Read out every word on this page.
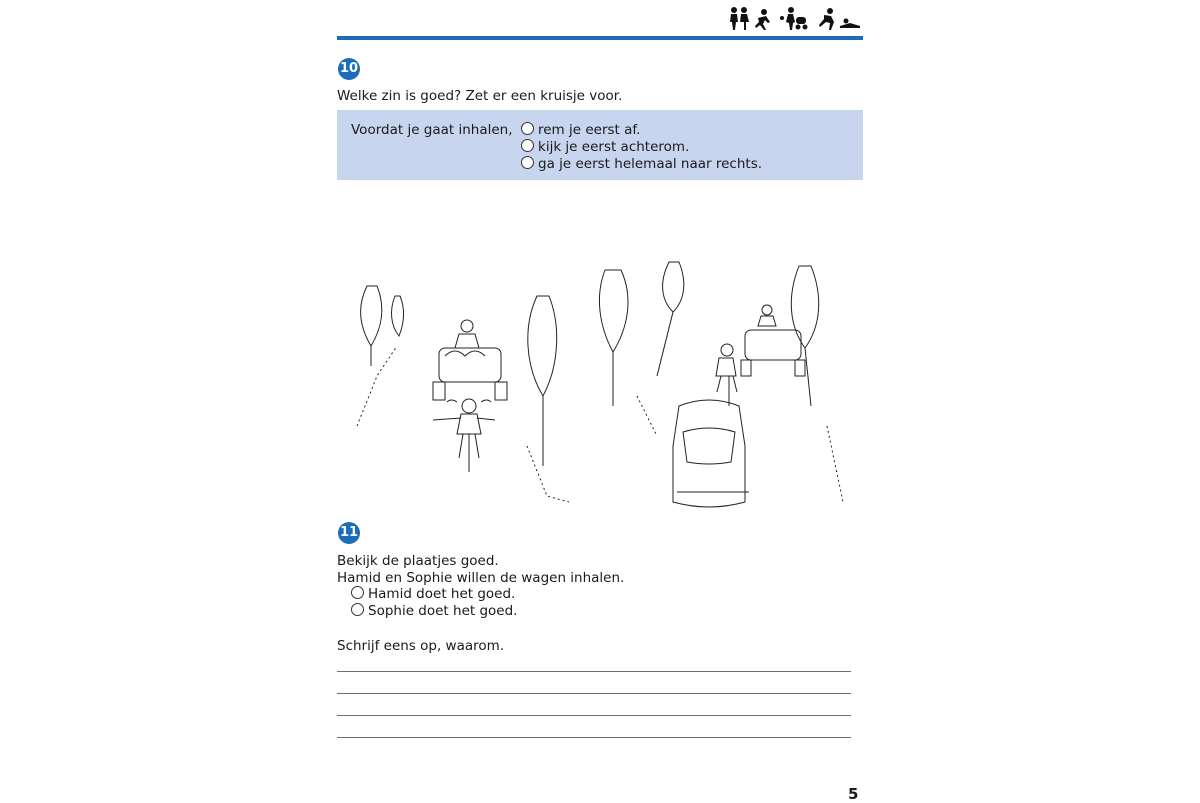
10
Welke zin is goed? Zet er een kruisje voor.
Voordat je gaat inhalen,	rem je eerst af.
kijk je eerst achterom.
ga je eerst helemaal naar rechts.
11
Bekijk de plaatjes goed.
Hamid en Sophie willen de wagen inhalen.
Hamid doet het goed.
Sophie doet het goed.
Schrijf eens op, waarom.
5
